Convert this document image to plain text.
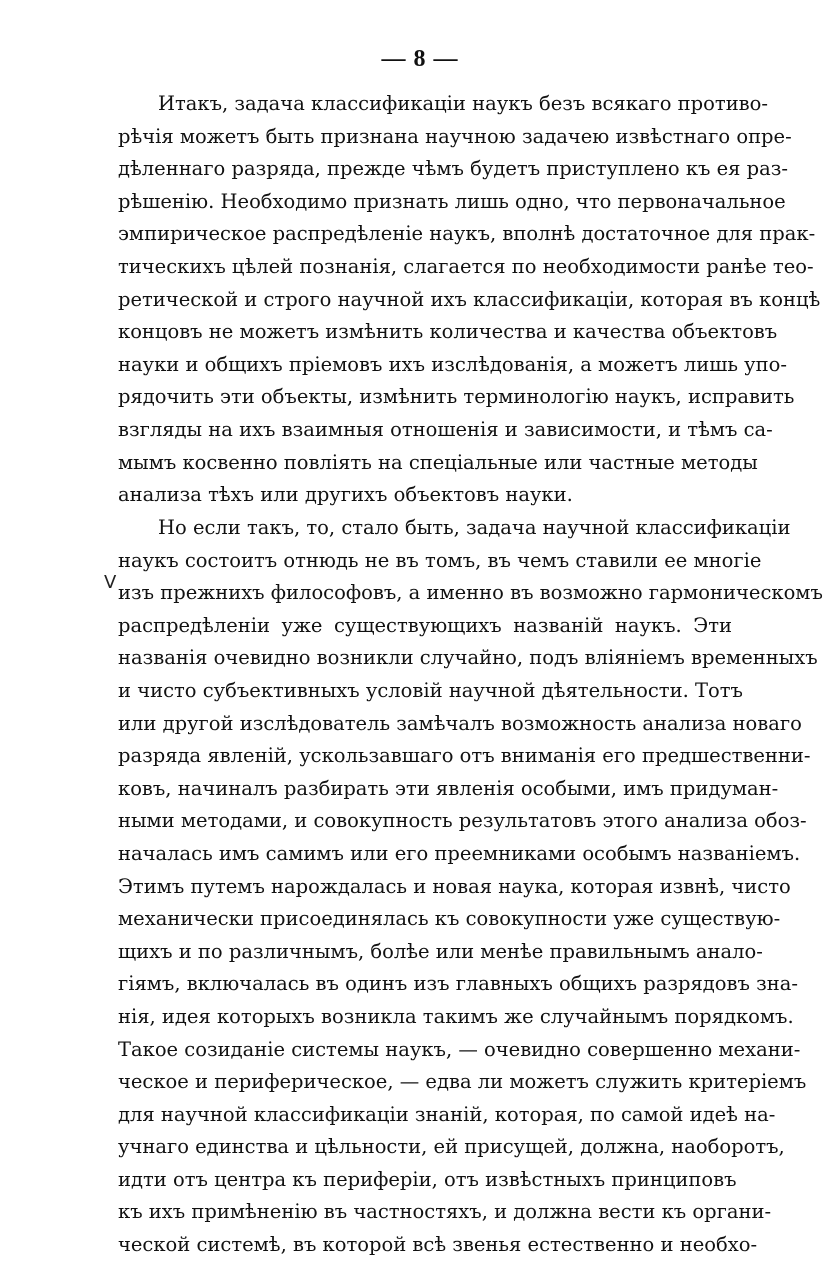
— 8 —
V
Итакъ, задача классификаціи наукъ безъ всякаго противо-
рѣчія можетъ быть признана научною задачею извѣстнаго опре-
дѣленнаго разряда, прежде чѣмъ будетъ приступлено къ ея раз-
рѣшенію. Необходимо признать лишь одно, что первоначальное
эмпирическое распредѣленіе наукъ, вполнѣ достаточное для прак-
тическихъ цѣлей познанія, слагается по необходимости ранѣе тео-
ретической и строго научной ихъ классификаціи, которая въ концѣ
концовъ не можетъ измѣнить количества и качества объектовъ
науки и общихъ пріемовъ ихъ изслѣдованія, а можетъ лишь упо-
рядочить эти объекты, измѣнить терминологію наукъ, исправить
взгляды на ихъ взаимныя отношенія и зависимости, и тѣмъ са-
мымъ косвенно повліять на спеціальные или частные методы
анализа тѣхъ или другихъ объектовъ науки.
Но если такъ, то, стало быть, задача научной классификаціи
наукъ состоитъ отнюдь не въ томъ, въ чемъ ставили ее многіе
изъ прежнихъ философовъ, а именно въ возможно гармоническомъ
распредѣленіи уже существующихъ названій наукъ. Эти
названія очевидно возникли случайно, подъ вліяніемъ временныхъ
и чисто субъективныхъ условій научной дѣятельности. Тотъ
или другой изслѣдователь замѣчалъ возможность анализа новаго
разряда явленій, ускользавшаго отъ вниманія его предшественни-
ковъ, начиналъ разбирать эти явленія особыми, имъ придуман-
ными методами, и совокупность результатовъ этого анализа обоз-
началась имъ самимъ или его преемниками особымъ названіемъ.
Этимъ путемъ нарождалась и новая наука, которая извнѣ, чисто
механически присоединялась къ совокупности уже существую-
щихъ и по различнымъ, болѣе или менѣе правильнымъ анало-
гіямъ, включалась въ одинъ изъ главныхъ общихъ разрядовъ зна-
нія, идея которыхъ возникла такимъ же случайнымъ порядкомъ.
Такое созиданіе системы наукъ, — очевидно совершенно механи-
ческое и периферическое, — едва ли можетъ служить критеріемъ
для научной классификаціи знаній, которая, по самой идеѣ на-
учнаго единства и цѣльности, ей присущей, должна, наоборотъ,
идти отъ центра къ периферіи, отъ извѣстныхъ принциповъ
къ ихъ примѣненію въ частностяхъ, и должна вести къ органи-
ческой системѣ, въ которой всѣ звенья естественно и необхо-
